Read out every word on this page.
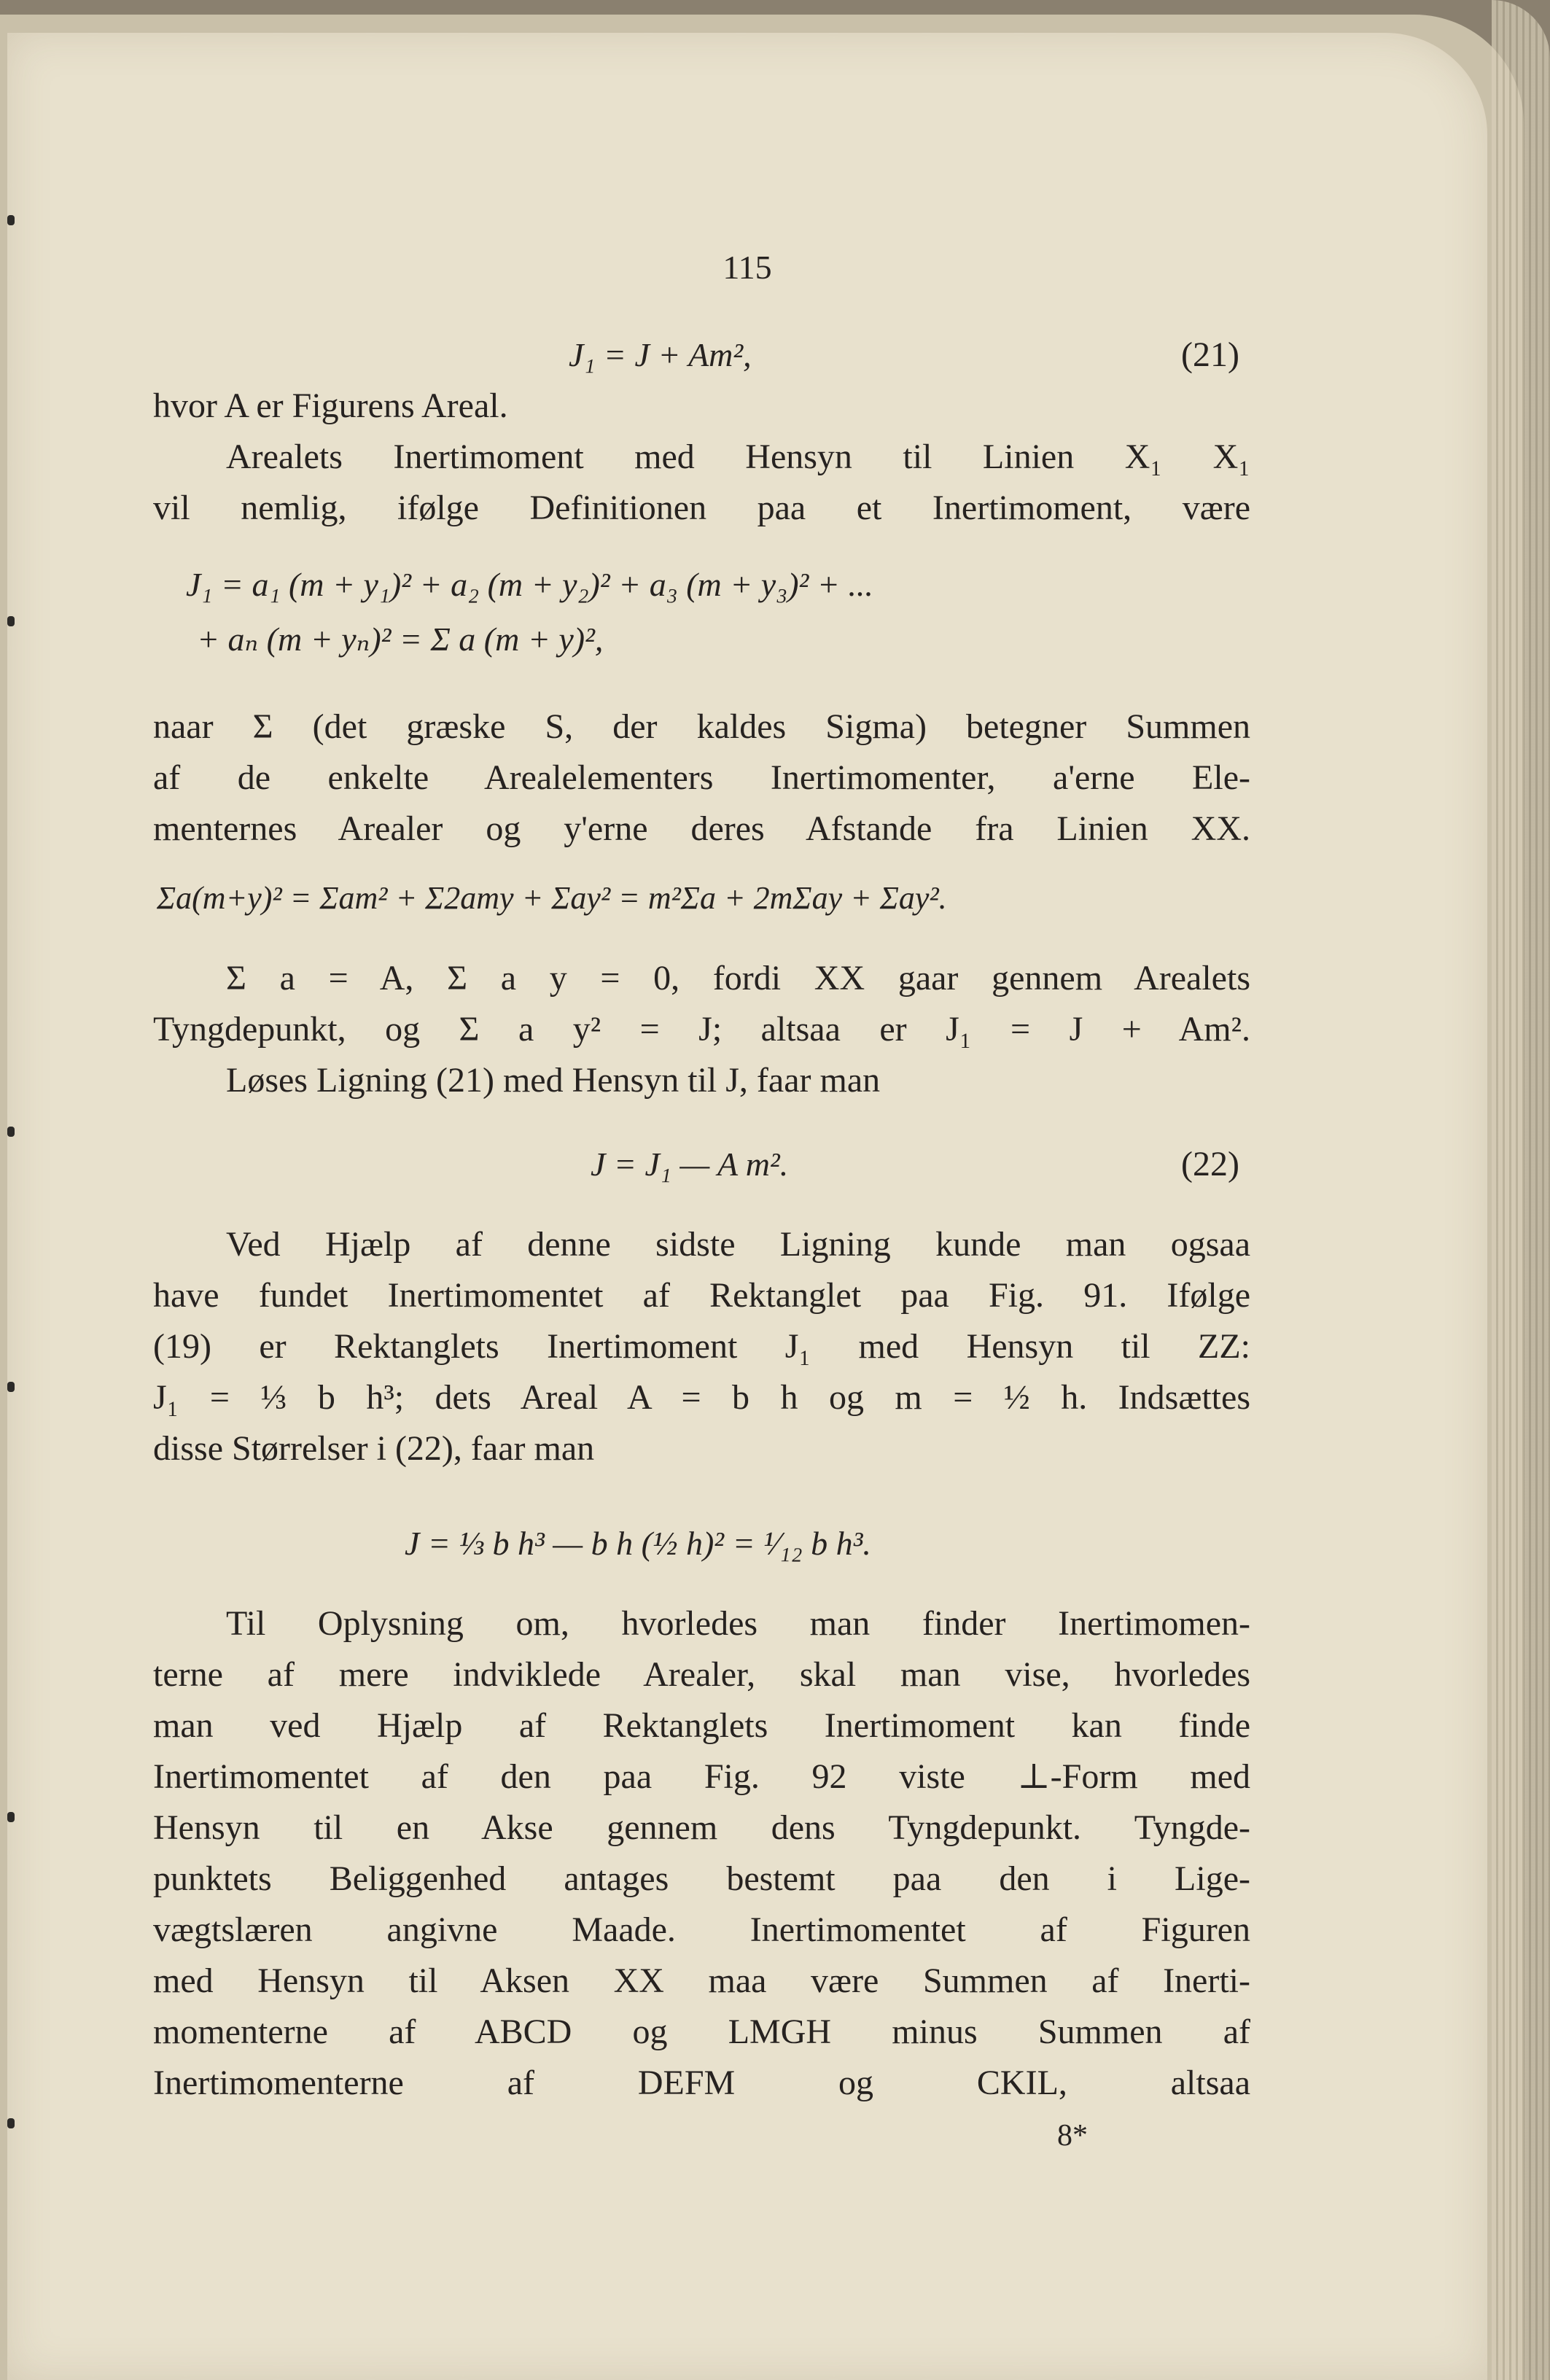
115
J₁ = J + Am²,	(21)
hvor A er Figurens Areal.
Arealets Inertimoment med Hensyn til Linien X₁ X₁
vil nemlig, ifølge Definitionen paa et Inertimoment, være
J₁ = a₁ (m + y₁)² + a₂ (m + y₂)² + a₃ (m + y₃)² + ...
+ aₙ (m + yₙ)² = Σ a (m + y)²,
naar Σ (det græske S, der kaldes Sigma) betegner Summen
af de enkelte Arealelementers Inertimomenter, a'erne Ele-
menternes Arealer og y'erne deres Afstande fra Linien XX.
Σa(m+y)² = Σam² + Σ2amy + Σay² = m²Σa + 2mΣay + Σay².
Σ a = A, Σ a y = 0, fordi XX gaar gennem Arealets
Tyngdepunkt, og Σ a y² = J; altsaa er J₁ = J + Am².
Løses Ligning (21) med Hensyn til J, faar man
J = J₁ — A m².	(22)
Ved Hjælp af denne sidste Ligning kunde man ogsaa
have fundet Inertimomentet af Rektanglet paa Fig. 91. Ifølge
(19) er Rektanglets Inertimoment J₁ med Hensyn til ZZ:
J₁ = ⅓ b h³; dets Areal A = b h og m = ½ h. Indsættes
disse Størrelser i (22), faar man
J = ⅓ b h³ — b h (½ h)² = ¹⁄₁₂ b h³.
Til Oplysning om, hvorledes man finder Inertimomen-
terne af mere indviklede Arealer, skal man vise, hvorledes
man ved Hjælp af Rektanglets Inertimoment kan finde
Inertimomentet af den paa Fig. 92 viste ⊥-Form med
Hensyn til en Akse gennem dens Tyngdepunkt. Tyngde-
punktets Beliggenhed antages bestemt paa den i Lige-
vægtslæren angivne Maade. Inertimomentet af Figuren
med Hensyn til Aksen XX maa være Summen af Inerti-
momenterne af ABCD og LMGH minus Summen af
Inertimomenterne af DEFM og CKIL, altsaa
8*
